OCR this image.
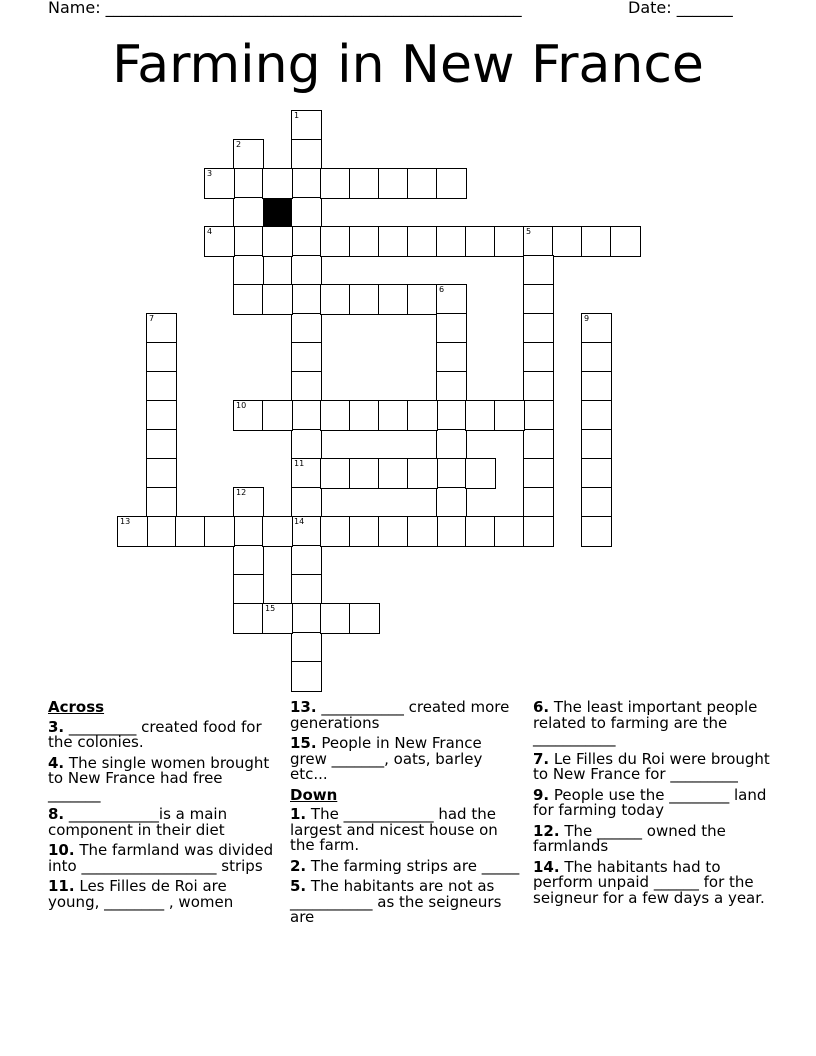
Name: ____________________________________________________

	Date: _______

Farming in New France
1
11
14
2
3
4	5
6
7	9
10
12
13
15
Across
3. _________ created food for the colonies.
4. The single women brought to New France had free _______
8. ____________is a main component in their diet
10. The farmland was divided into __________________ strips
11. Les Filles de Roi are young, ________ , women
13. ___________ created more generations
15. People in New France grew _______, oats, barley etc...
Down
1. The ____________ had the largest and nicest house on the farm.
2. The farming strips are _____
5. The habitants are not as ___________ as the seigneurs are
6. The least important people related to farming are the ___________
7. Le Filles du Roi were brought to New France for _________
9. People use the ________ land for farming today
12. The ______ owned the farmlands
14. The habitants had to perform unpaid ______ for the seigneur for a few days a year.
